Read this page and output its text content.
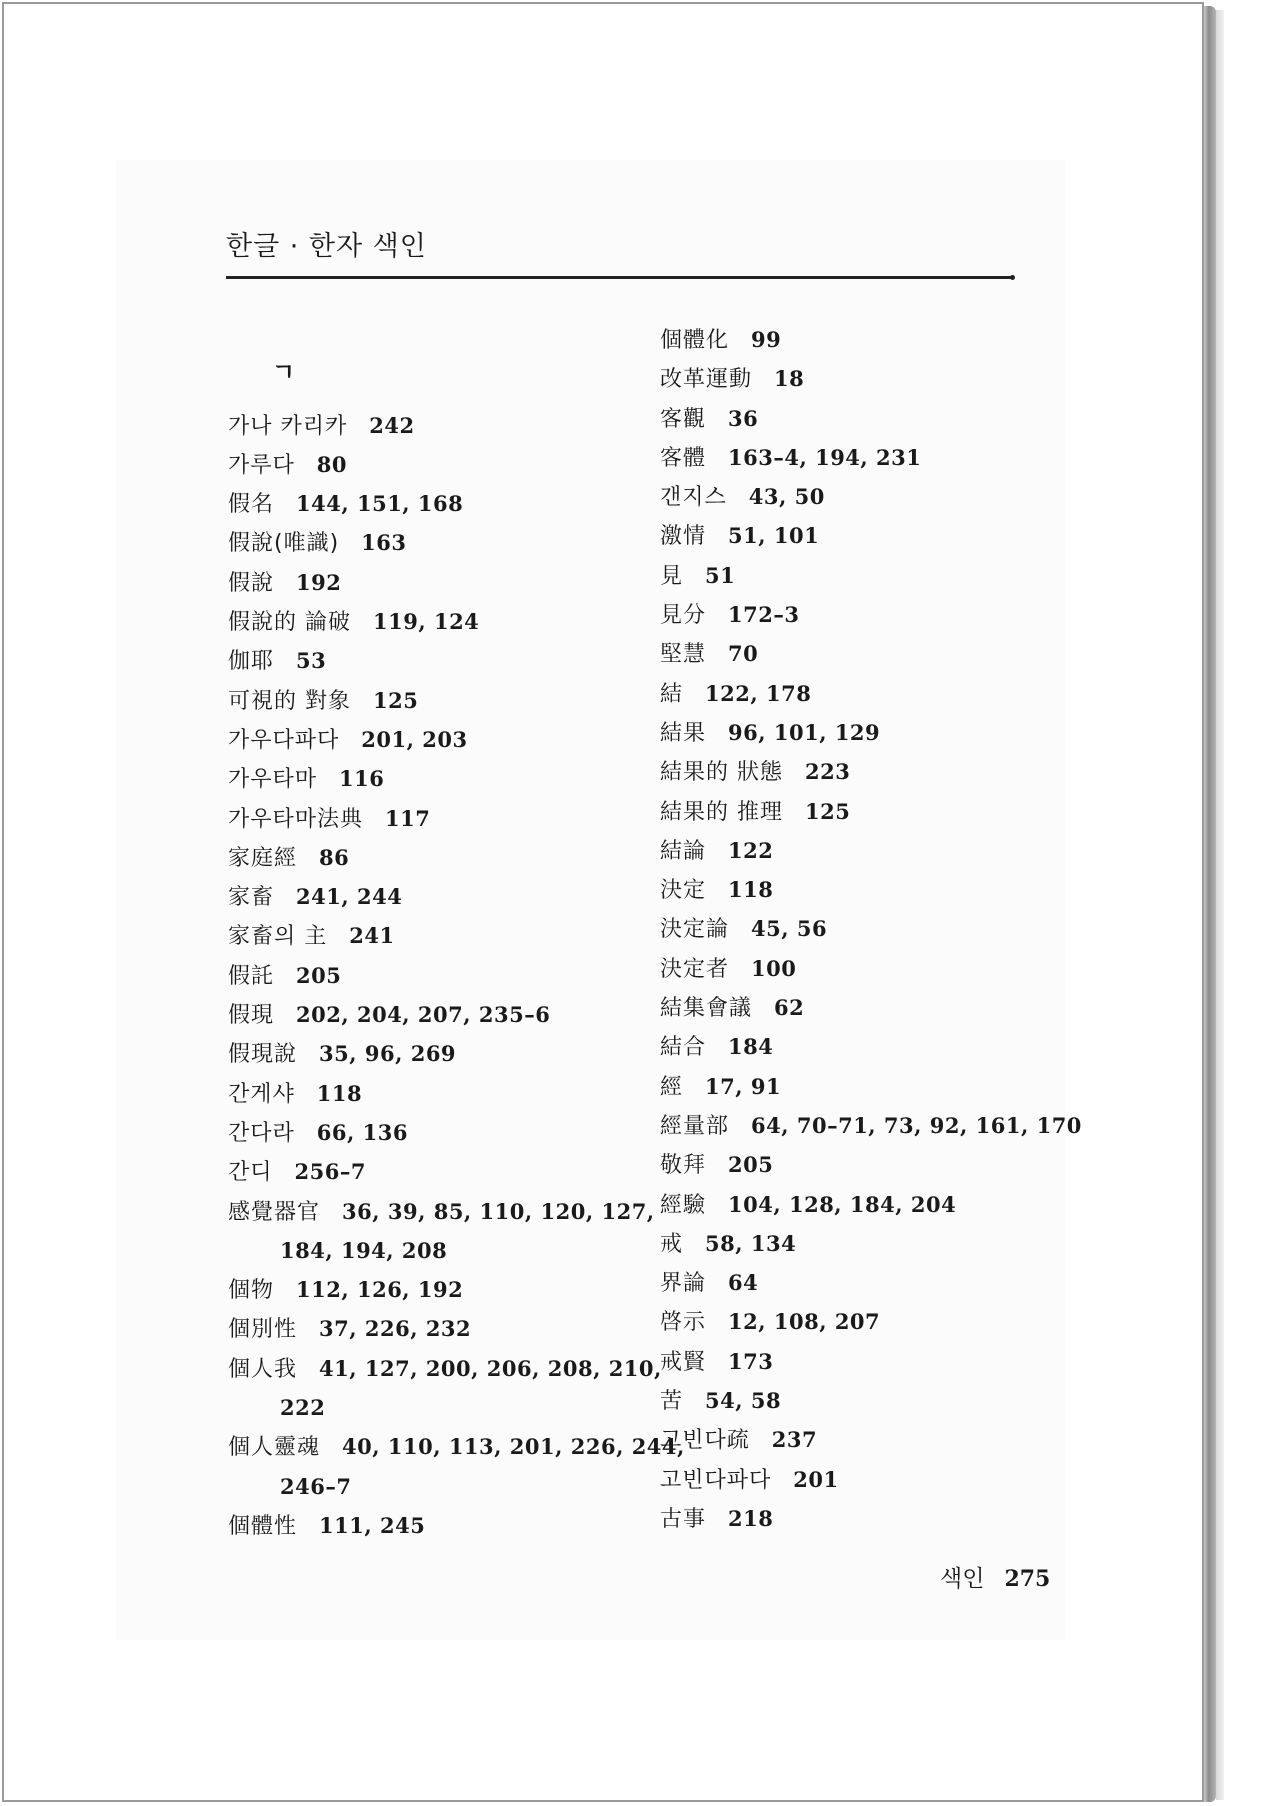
한글 · 한자 색인
ㄱ
가나 카리카 242
가루다 80
假名 144, 151, 168
假說(唯識) 163
假說 192
假說的 論破 119, 124
伽耶 53
可視的 對象 125
가우다파다 201, 203
가우타마 116
가우타마法典 117
家庭經 86
家畜 241, 244
家畜의 主 241
假託 205
假現 202, 204, 207, 235–6
假現說 35, 96, 269
간게샤 118
간다라 66, 136
간디 256–7
感覺器官 36, 39, 85, 110, 120, 127,
184, 194, 208
個物 112, 126, 192
個別性 37, 226, 232
個人我 41, 127, 200, 206, 208, 210,
222
個人靈魂 40, 110, 113, 201, 226, 244,
246–7
個體性 111, 245
個體化 99
改革運動 18
客觀 36
客體 163–4, 194, 231
갠지스 43, 50
激情 51, 101
見 51
見分 172–3
堅慧 70
結 122, 178
結果 96, 101, 129
結果的 狀態 223
結果的 推理 125
結論 122
決定 118
決定論 45, 56
決定者 100
結集會議 62
結合 184
經 17, 91
經量部 64, 70–71, 73, 92, 161, 170
敬拜 205
經驗 104, 128, 184, 204
戒 58, 134
界論 64
啓示 12, 108, 207
戒賢 173
苦 54, 58
고빈다疏 237
고빈다파다 201
古事 218
색인 275
